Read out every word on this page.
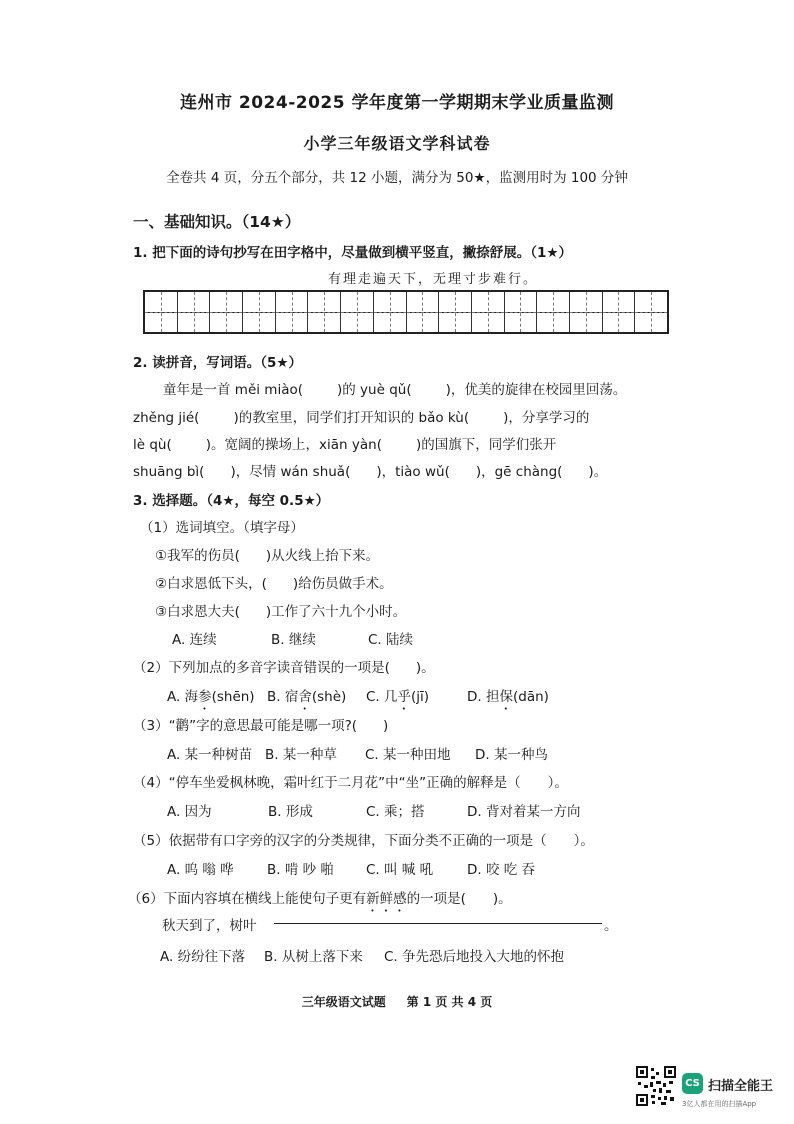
连州市 2024-2025 学年度第一学期期末学业质量监测
小学三年级语文学科试卷
全卷共 4 页，分五个部分，共 12 小题，满分为 50★，监测用时为 100 分钟
一、基础知识。（14★）
1. 把下面的诗句抄写在田字格中，尽量做到横平竖直，撇捺舒展。（1★）
有理走遍天下，无理寸步难行。
2. 读拼音，写词语。（5★）
童年是一首 měi miào(	)的 yuè qǔ(	)，优美的旋律在校园里回荡。
zhěng jié(	)的教室里，同学们打开知识的 bǎo kù(	)，分享学习的
lè qù(	)。宽阔的操场上，xiān yàn(	)的国旗下，同学们张开
shuāng bì( )，尽情 wán shuǎ( )，tiào wǔ( )，gē chàng( )。
3. 选择题。（4★，每空 0.5★）
（1）选词填空。（填字母）
①我军的伤员( )从火线上抬下来。
②白求恩低下头，( )给伤员做手术。
③白求恩大夫( )工作了六十九个小时。
A. 连续	B. 继续	C. 陆续
（2）下列加点的多音字读音错误的一项是( )。
A. 海参(shēn) B. 宿舍(shè) C. 几乎(jī)	D. 担保(dān)
（3）“鹳”字的意思最可能是哪一项?( )
A. 某一种树苗 B. 某一种草 C. 某一种田地 D. 某一种鸟
（4）“停车坐爱枫林晚，霜叶红于二月花”中“坐”正确的解释是（　　）。
A. 因为	B. 形成	C. 乘；搭	D. 背对着某一方向
（5）依据带有口字旁的汉字的分类规律，下面分类不正确的一项是（　　）。
A. 呜 嗡 哗 B. 啃 吵 啪 C. 叫 喊 吼	D. 咬 吃 吞
（6）下面内容填在横线上能使句子更有新鲜感的一项是(　　)。
秋天到了，树叶	。
A. 纷纷往下落 B. 从树上落下来 C. 争先恐后地投入大地的怀抱
三年级语文试题 第 1 页 共 4 页
CS 扫描全能王
3亿人都在用的扫描App
